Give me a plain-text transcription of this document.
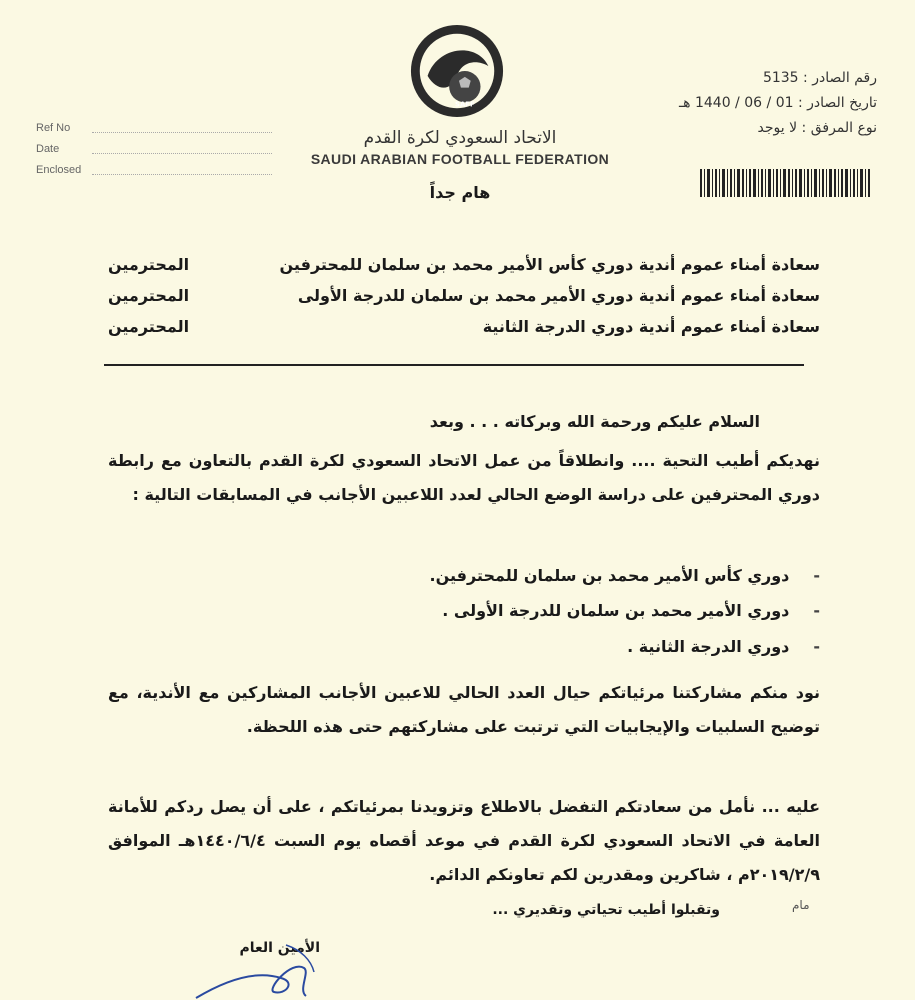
Ref No
Date
Enclosed
SAFF
الاتحاد السعودي لكرة القدم
SAUDI ARABIAN FOOTBALL FEDERATION
رقم الصادر : 5135
تاريخ الصادر : 01 / 06 / 1440 هـ
نوع المرفق : لا يوجد
هام جداً
سعادة أمناء عموم أندية دوري كأس الأمير محمد بن سلمان للمحترفين
المحترمين
سعادة أمناء عموم أندية دوري الأمير محمد بن سلمان للدرجة الأولى
المحترمين
سعادة أمناء عموم أندية دوري الدرجة الثانية
المحترمين
السلام عليكم ورحمة الله وبركاته . . . وبعد
نهديكم أطيب التحية .... وانطلاقاً من عمل الاتحاد السعودي لكرة القدم بالتعاون مع رابطة دوري المحترفين على دراسة الوضع الحالي لعدد اللاعبين الأجانب في المسابقات التالية :
-دوري كأس الأمير محمد بن سلمان للمحترفين.
-دوري الأمير محمد بن سلمان للدرجة الأولى .
-دوري الدرجة الثانية .
نود منكم مشاركتنا مرئياتكم حيال العدد الحالي للاعبين الأجانب المشاركين مع الأندية، مع توضيح السلبيات والإيجابيات التي ترتبت على مشاركتهم حتى هذه اللحظة.
عليه ... نأمل من سعادتكم التفضل بالاطلاع وتزويدنا بمرئياتكم ، على أن يصل ردكم للأمانة العامة في الاتحاد السعودي لكرة القدم في موعد أقصاه يوم السبت ١٤٤٠/٦/٤هـ الموافق ٢٠١٩/٢/٩م ، شاكرين ومقدرين لكم تعاونكم الدائم.
وتقبلوا أطيب تحياتي وتقديري ...	مام
الأمين العام
